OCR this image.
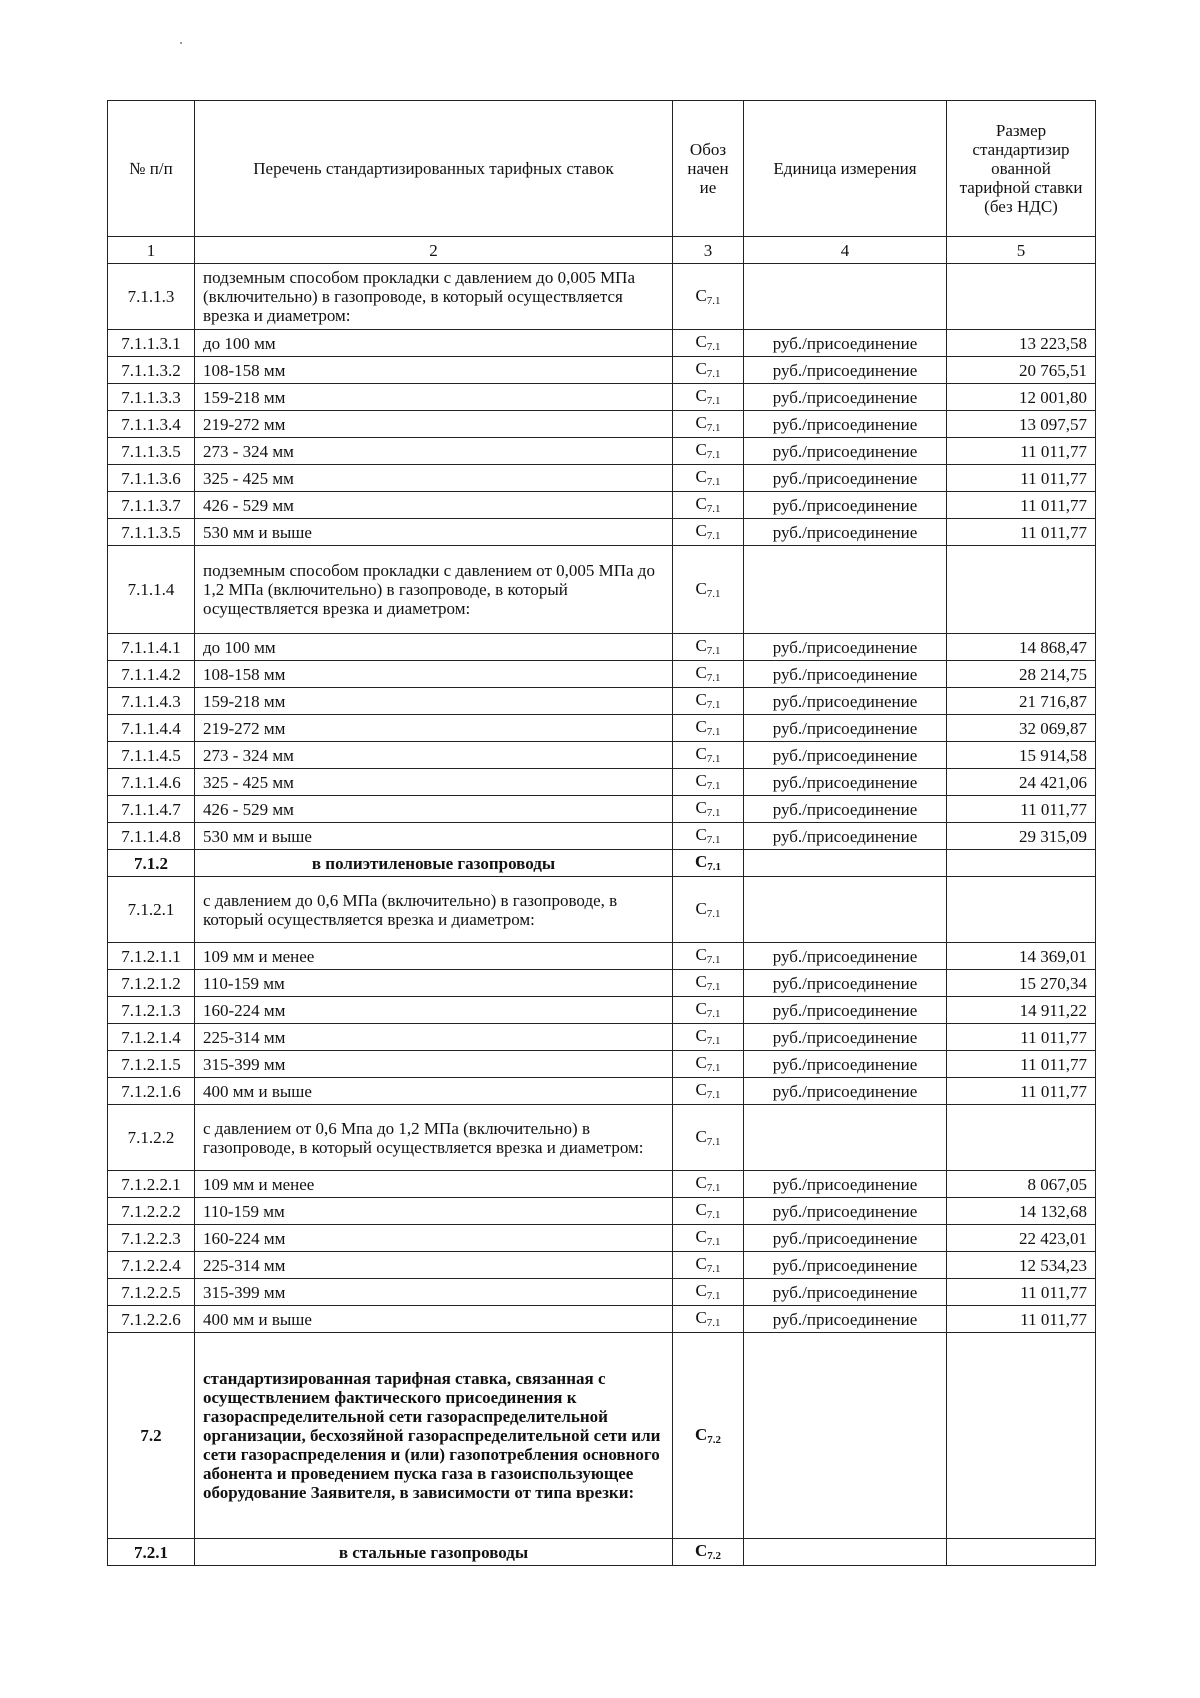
№ п/п	Перечень стандартизированных тарифных ставок	Обоз начен ие	Единица измерения	Размер стандартизир ованной тарифной ставки (без НДС)
1	2	3	4	5
7.1.1.3	подземным способом прокладки с давлением до 0,005 МПа (включительно) в газопроводе, в который осуществляется врезка и диаметром:	С7.1		
7.1.1.3.1	до 100 мм	С7.1	руб./присоединение	13 223,58
7.1.1.3.2	108-158 мм	С7.1	руб./присоединение	20 765,51
7.1.1.3.3	159-218 мм	С7.1	руб./присоединение	12 001,80
7.1.1.3.4	219-272 мм	С7.1	руб./присоединение	13 097,57
7.1.1.3.5	273 - 324 мм	С7.1	руб./присоединение	11 011,77
7.1.1.3.6	325 - 425 мм	С7.1	руб./присоединение	11 011,77
7.1.1.3.7	426 - 529 мм	С7.1	руб./присоединение	11 011,77
7.1.1.3.5	530 мм и выше	С7.1	руб./присоединение	11 011,77
7.1.1.4	подземным способом прокладки с давлением от 0,005 МПа до 1,2 МПа (включительно) в газопроводе, в который осуществляется врезка и диаметром:	С7.1		
7.1.1.4.1	до 100 мм	С7.1	руб./присоединение	14 868,47
7.1.1.4.2	108-158 мм	С7.1	руб./присоединение	28 214,75
7.1.1.4.3	159-218 мм	С7.1	руб./присоединение	21 716,87
7.1.1.4.4	219-272 мм	С7.1	руб./присоединение	32 069,87
7.1.1.4.5	273 - 324 мм	С7.1	руб./присоединение	15 914,58
7.1.1.4.6	325 - 425 мм	С7.1	руб./присоединение	24 421,06
7.1.1.4.7	426 - 529 мм	С7.1	руб./присоединение	11 011,77
7.1.1.4.8	530 мм и выше	С7.1	руб./присоединение	29 315,09
7.1.2	в полиэтиленовые газопроводы	С7.1		
7.1.2.1	с давлением до 0,6 МПа (включительно) в газопроводе, в который осуществляется врезка и диаметром:	С7.1		
7.1.2.1.1	109 мм и менее	С7.1	руб./присоединение	14 369,01
7.1.2.1.2	110-159 мм	С7.1	руб./присоединение	15 270,34
7.1.2.1.3	160-224 мм	С7.1	руб./присоединение	14 911,22
7.1.2.1.4	225-314 мм	С7.1	руб./присоединение	11 011,77
7.1.2.1.5	315-399 мм	С7.1	руб./присоединение	11 011,77
7.1.2.1.6	400 мм и выше	С7.1	руб./присоединение	11 011,77
7.1.2.2	с давлением от 0,6 Мпа до 1,2 МПа (включительно) в газопроводе, в который осуществляется врезка и диаметром:	С7.1		
7.1.2.2.1	109 мм и менее	С7.1	руб./присоединение	8 067,05
7.1.2.2.2	110-159 мм	С7.1	руб./присоединение	14 132,68
7.1.2.2.3	160-224 мм	С7.1	руб./присоединение	22 423,01
7.1.2.2.4	225-314 мм	С7.1	руб./присоединение	12 534,23
7.1.2.2.5	315-399 мм	С7.1	руб./присоединение	11 011,77
7.1.2.2.6	400 мм и выше	С7.1	руб./присоединение	11 011,77
7.2	стандартизированная тарифная ставка, связанная с осуществлением фактического присоединения к газораспределительной сети газораспределительной организации, бесхозяйной газораспределительной сети или сети газораспределения и (или) газопотребления основного абонента и проведением пуска газа в газоиспользующее оборудование Заявителя, в зависимости от типа врезки:	С7.2		
7.2.1	в стальные газопроводы	С7.2		
